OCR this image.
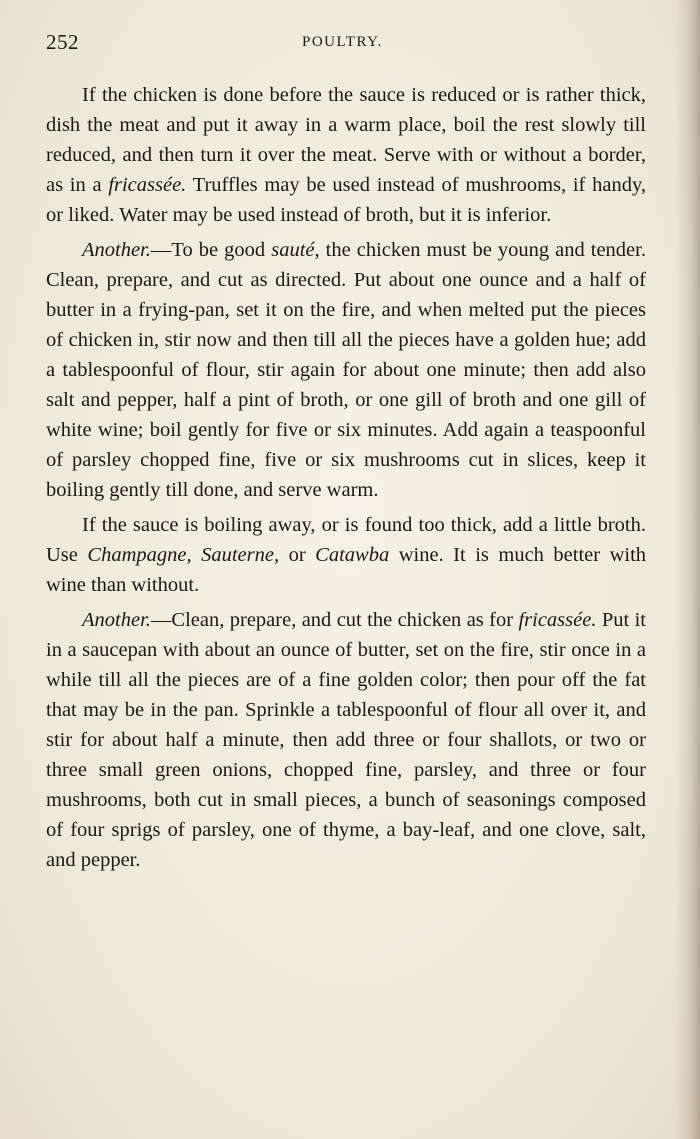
252	POULTRY.

If the chicken is done before the sauce is reduced or is rather thick, dish the meat and put it away in a warm place, boil the rest slowly till reduced, and then turn it over the meat. Serve with or without a border, as in a fricassée. Truffles may be used instead of mushrooms, if handy, or liked. Water may be used instead of broth, but it is inferior.

Another.—To be good sauté, the chicken must be young and tender. Clean, prepare, and cut as directed. Put about one ounce and a half of butter in a frying-pan, set it on the fire, and when melted put the pieces of chicken in, stir now and then till all the pieces have a golden hue; add a tablespoonful of flour, stir again for about one minute; then add also salt and pepper, half a pint of broth, or one gill of broth and one gill of white wine; boil gently for five or six minutes. Add again a teaspoonful of parsley chopped fine, five or six mushrooms cut in slices, keep it boiling gently till done, and serve warm.

If the sauce is boiling away, or is found too thick, add a little broth. Use Champagne, Sauterne, or Catawba wine. It is much better with wine than without.

Another.—Clean, prepare, and cut the chicken as for fricassée. Put it in a saucepan with about an ounce of butter, set on the fire, stir once in a while till all the pieces are of a fine golden color; then pour off the fat that may be in the pan. Sprinkle a tablespoonful of flour all over it, and stir for about half a minute, then add three or four shallots, or two or three small green onions, chopped fine, parsley, and three or four mushrooms, both cut in small pieces, a bunch of seasonings composed of four sprigs of parsley, one of thyme, a bay-leaf, and one clove, salt, and pepper.
